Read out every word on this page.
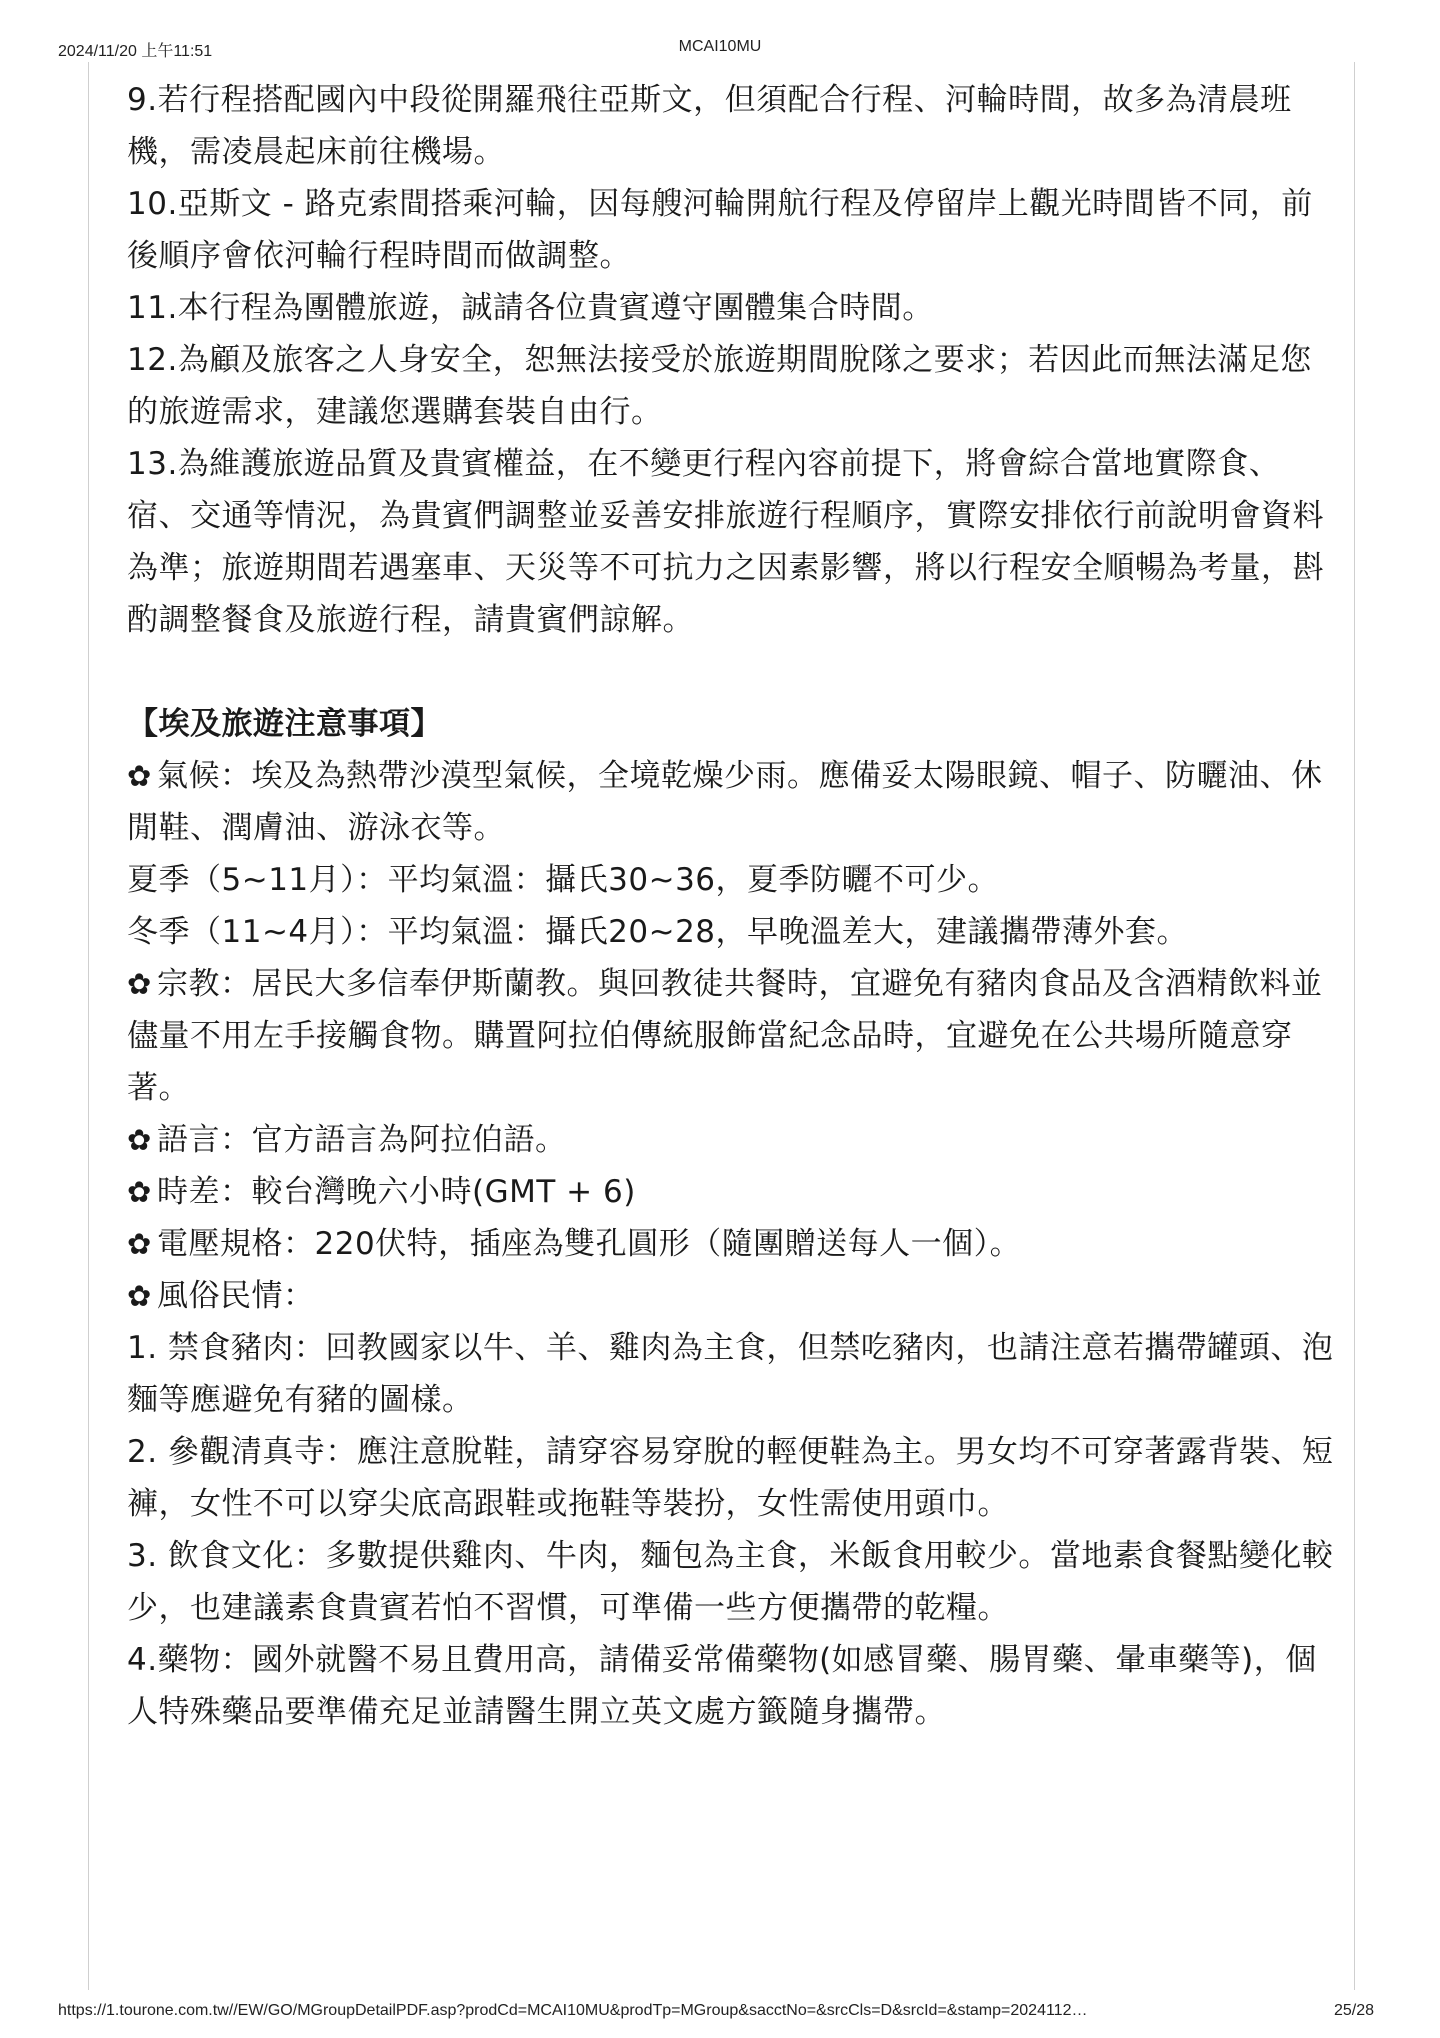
2024/11/20 上午11:51	MCAI10MU

9.若行程搭配國內中段從開羅飛往亞斯文，但須配合行程、河輪時間，故多為清晨班機，需凌晨起床前往機場。

10.亞斯文 - 路克索間搭乘河輪，因每艘河輪開航行程及停留岸上觀光時間皆不同，前後順序會依河輪行程時間而做調整。

11.本行程為團體旅遊，誠請各位貴賓遵守團體集合時間。

12.為顧及旅客之人身安全，恕無法接受於旅遊期間脫隊之要求；若因此而無法滿足您的旅遊需求，建議您選購套裝自由行。

13.為維護旅遊品質及貴賓權益，在不變更行程內容前提下，將會綜合當地實際食、宿、交通等情況，為貴賓們調整並妥善安排旅遊行程順序，實際安排依行前說明會資料為準；旅遊期間若遇塞車、天災等不可抗力之因素影響，將以行程安全順暢為考量，斟酌調整餐食及旅遊行程，請貴賓們諒解。

【埃及旅遊注意事項】

✿ 氣候：埃及為熱帶沙漠型氣候，全境乾燥少雨。應備妥太陽眼鏡、帽子、防曬油、休閒鞋、潤膚油、游泳衣等。

夏季（5~11月）：平均氣溫：攝氏30~36，夏季防曬不可少。

冬季（11~4月）：平均氣溫：攝氏20~28，早晚溫差大，建議攜帶薄外套。

✿ 宗教：居民大多信奉伊斯蘭教。與回教徒共餐時，宜避免有豬肉食品及含酒精飲料並儘量不用左手接觸食物。購置阿拉伯傳統服飾當紀念品時，宜避免在公共場所隨意穿著。

✿ 語言：官方語言為阿拉伯語。

✿ 時差：較台灣晚六小時(GMT + 6)

✿ 電壓規格：220伏特，插座為雙孔圓形（隨團贈送每人一個）。

✿ 風俗民情：

1. 禁食豬肉：回教國家以牛、羊、雞肉為主食，但禁吃豬肉，也請注意若攜帶罐頭、泡麵等應避免有豬的圖樣。

2. 參觀清真寺：應注意脫鞋，請穿容易穿脫的輕便鞋為主。男女均不可穿著露背裝、短褲，女性不可以穿尖底高跟鞋或拖鞋等裝扮，女性需使用頭巾。

3. 飲食文化：多數提供雞肉、牛肉，麵包為主食，米飯食用較少。當地素食餐點變化較少，也建議素食貴賓若怕不習慣，可準備一些方便攜帶的乾糧。

4.藥物：國外就醫不易且費用高，請備妥常備藥物(如感冒藥、腸胃藥、暈車藥等)，個人特殊藥品要準備充足並請醫生開立英文處方籤隨身攜帶。

https://1.tourone.com.tw//EW/GO/MGroupDetailPDF.asp?prodCd=MCAI10MU&prodTp=MGroup&sacctNo=&srcCls=D&srcId=&stamp=2024112…	25/28
